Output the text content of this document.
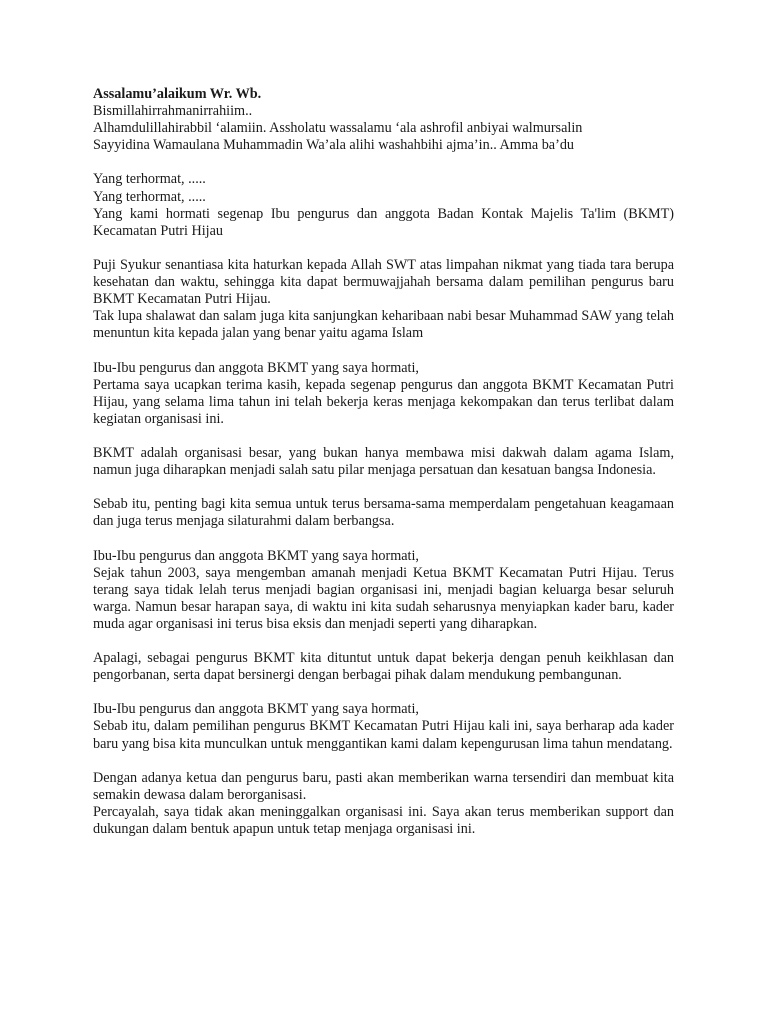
Assalamu’alaikum Wr. Wb.
Bismillahirrahmanirrahiim..
Alhamdulillahirabbil ‘alamiin. Assholatu wassalamu ‘ala ashrofil anbiyai walmursalin
Sayyidina Wamaulana Muhammadin Wa’ala alihi washahbihi ajma’in.. Amma ba’du
Yang terhormat, .....
Yang terhormat, .....
Yang kami hormati segenap Ibu pengurus dan anggota Badan Kontak Majelis Ta'lim (BKMT) Kecamatan Putri Hijau
Puji Syukur senantiasa kita haturkan kepada Allah SWT atas limpahan nikmat yang tiada tara berupa kesehatan dan waktu, sehingga kita dapat bermuwajjahah bersama dalam pemilihan pengurus baru BKMT Kecamatan Putri Hijau.
Tak lupa shalawat dan salam juga kita sanjungkan keharibaan nabi besar Muhammad SAW yang telah menuntun kita kepada jalan yang benar yaitu agama Islam
Ibu-Ibu pengurus dan anggota BKMT yang saya hormati,
Pertama saya ucapkan terima kasih, kepada segenap pengurus dan anggota BKMT Kecamatan Putri Hijau, yang selama lima tahun ini telah bekerja keras menjaga kekompakan dan terus terlibat dalam kegiatan organisasi ini.
BKMT adalah organisasi besar, yang bukan hanya membawa misi dakwah dalam agama Islam, namun juga diharapkan menjadi salah satu pilar menjaga persatuan dan kesatuan bangsa Indonesia.
Sebab itu, penting bagi kita semua untuk terus bersama-sama memperdalam pengetahuan keagamaan dan juga terus menjaga silaturahmi dalam berbangsa.
Ibu-Ibu pengurus dan anggota BKMT yang saya hormati,
Sejak tahun 2003, saya mengemban amanah menjadi Ketua BKMT Kecamatan Putri Hijau. Terus terang saya tidak lelah terus menjadi bagian organisasi ini, menjadi bagian keluarga besar seluruh warga. Namun besar harapan saya, di waktu ini kita sudah seharusnya menyiapkan kader baru, kader muda agar organisasi ini terus bisa eksis dan menjadi seperti yang diharapkan.
Apalagi, sebagai pengurus BKMT kita dituntut untuk dapat bekerja dengan penuh keikhlasan dan pengorbanan, serta dapat bersinergi dengan berbagai pihak dalam mendukung pembangunan.
Ibu-Ibu pengurus dan anggota BKMT yang saya hormati,
Sebab itu, dalam pemilihan pengurus BKMT Kecamatan Putri Hijau kali ini, saya berharap ada kader baru yang bisa kita munculkan untuk menggantikan kami dalam kepengurusan lima tahun mendatang.
Dengan adanya ketua dan pengurus baru, pasti akan memberikan warna tersendiri dan membuat kita semakin dewasa dalam berorganisasi.
Percayalah, saya tidak akan meninggalkan organisasi ini. Saya akan terus memberikan support dan dukungan dalam bentuk apapun untuk tetap menjaga organisasi ini.
